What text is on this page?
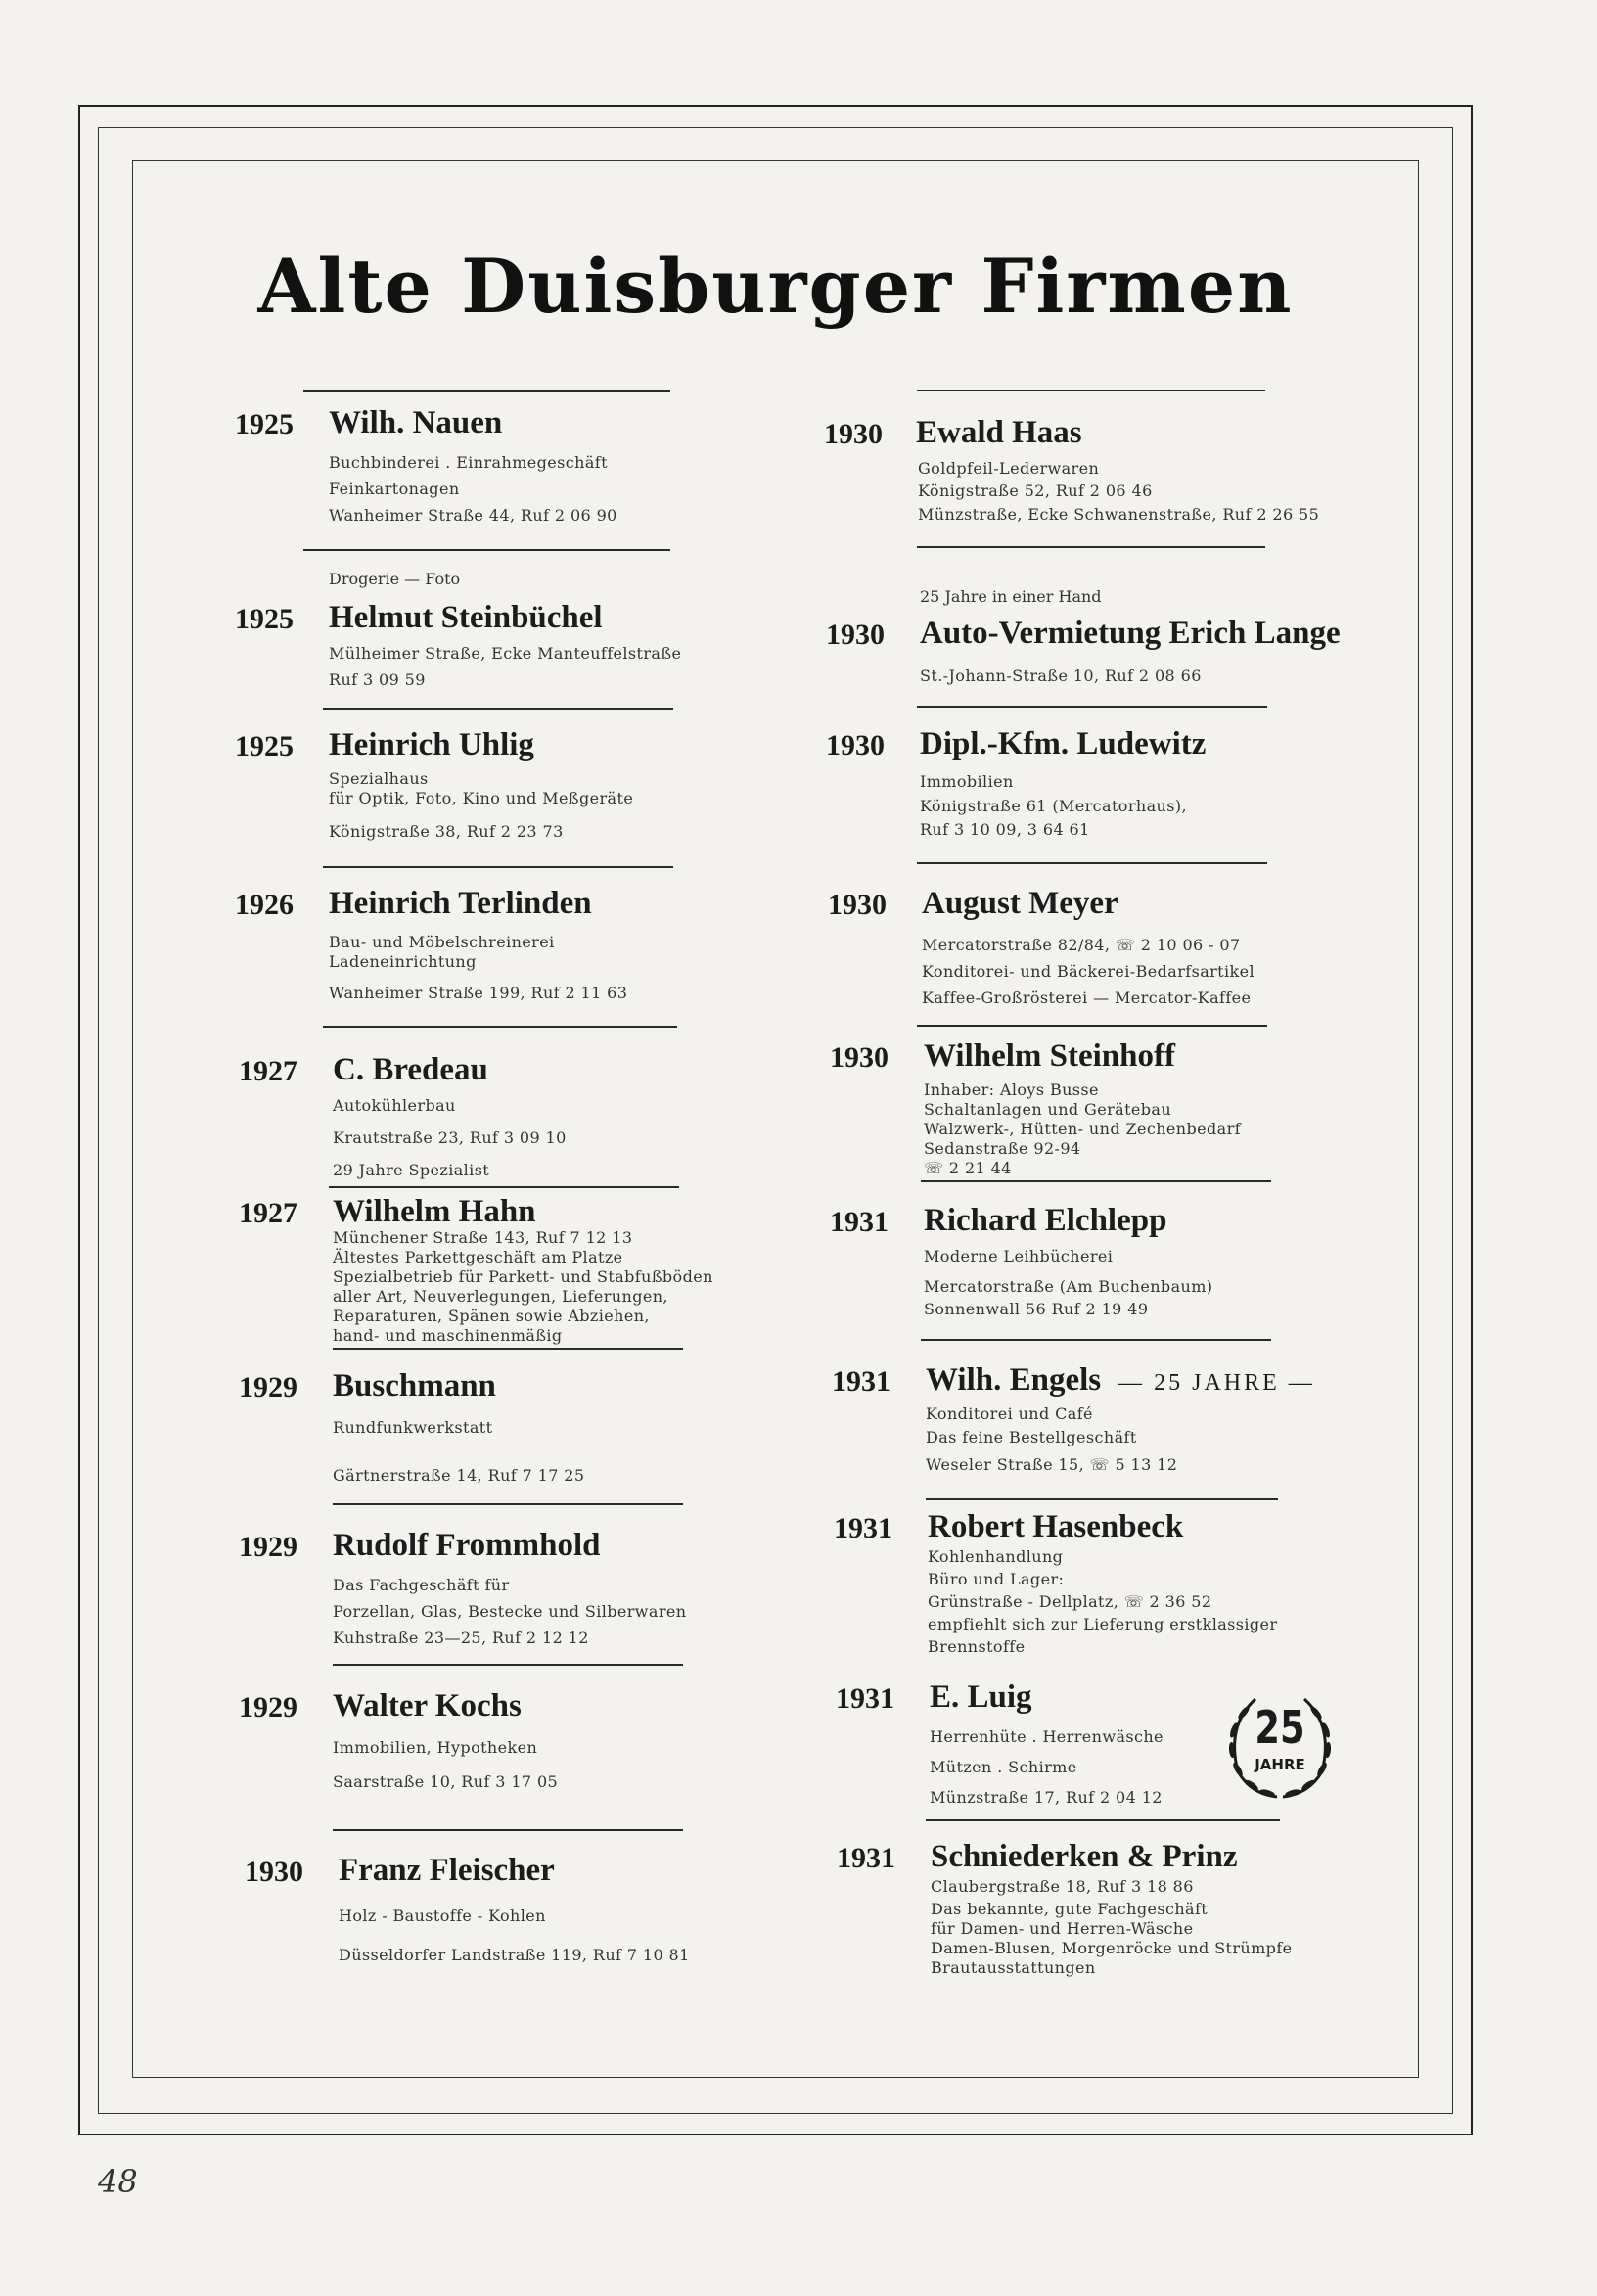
Alte Duisburger Firmen
1925 Wilh. Nauen
Buchbinderei . Einrahmegeschäft
Feinkartonagen
Wanheimer Straße 44, Ruf 2 06 90
Drogerie — Foto
1925 Helmut Steinbüchel
Mülheimer Straße, Ecke Manteuffelstraße
Ruf 3 09 59
1925 Heinrich Uhlig
Spezialhaus
für Optik, Foto, Kino und Meßgeräte
Königstraße 38, Ruf 2 23 73
1926 Heinrich Terlinden
Bau- und Möbelschreinerei
Ladeneinrichtung
Wanheimer Straße 199, Ruf 2 11 63
1927 C. Bredeau
Autokühlerbau
Krautstraße 23, Ruf 3 09 10
29 Jahre Spezialist
1927 Wilhelm Hahn
Münchener Straße 143, Ruf 7 12 13
Ältestes Parkettgeschäft am Platze
Spezialbetrieb für Parkett- und Stabfußböden
aller Art, Neuverlegungen, Lieferungen,
Reparaturen, Spänen sowie Abziehen,
hand- und maschinenmäßig
1929 Buschmann
Rundfunkwerkstatt
Gärtnerstraße 14, Ruf 7 17 25
1929 Rudolf Frommhold
Das Fachgeschäft für
Porzellan, Glas, Bestecke und Silberwaren
Kuhstraße 23—25, Ruf 2 12 12
1929 Walter Kochs
Immobilien, Hypotheken
Saarstraße 10, Ruf 3 17 05
1930 Franz Fleischer
Holz - Baustoffe - Kohlen
Düsseldorfer Landstraße 119, Ruf 7 10 81
1930 Ewald Haas
Goldpfeil-Lederwaren
Königstraße 52, Ruf 2 06 46
Münzstraße, Ecke Schwanenstraße, Ruf 2 26 55
25 Jahre in einer Hand
1930 Auto-Vermietung Erich Lange
St.-Johann-Straße 10, Ruf 2 08 66
1930 Dipl.-Kfm. Ludewitz
Immobilien
Königstraße 61 (Mercatorhaus),
Ruf 3 10 09, 3 64 61
1930 August Meyer
Mercatorstraße 82/84, ☏ 2 10 06 - 07
Konditorei- und Bäckerei-Bedarfsartikel
Kaffee-Großrösterei — Mercator-Kaffee
1930 Wilhelm Steinhoff
Inhaber: Aloys Busse
Schaltanlagen und Gerätebau
Walzwerk-, Hütten- und Zechenbedarf
Sedanstraße 92-94
☏ 2 21 44
1931 Richard Elchlepp
Moderne Leihbücherei
Mercatorstraße (Am Buchenbaum)
Sonnenwall 56 Ruf 2 19 49
1931 Wilh. Engels — 25 JAHRE —
Konditorei und Café
Das feine Bestellgeschäft
Weseler Straße 15, ☏ 5 13 12
1931 Robert Hasenbeck
Kohlenhandlung
Büro und Lager:
Grünstraße - Dellplatz, ☏ 2 36 52
empfiehlt sich zur Lieferung erstklassiger
Brennstoffe
1931 E. Luig
Herrenhüte . Herrenwäsche
Mützen . Schirme
Münzstraße 17, Ruf 2 04 12
25
JAHRE
1931 Schniederken & Prinz
Claubergstraße 18, Ruf 3 18 86
Das bekannte, gute Fachgeschäft
für Damen- und Herren-Wäsche
Damen-Blusen, Morgenröcke und Strümpfe
Brautausstattungen
48
